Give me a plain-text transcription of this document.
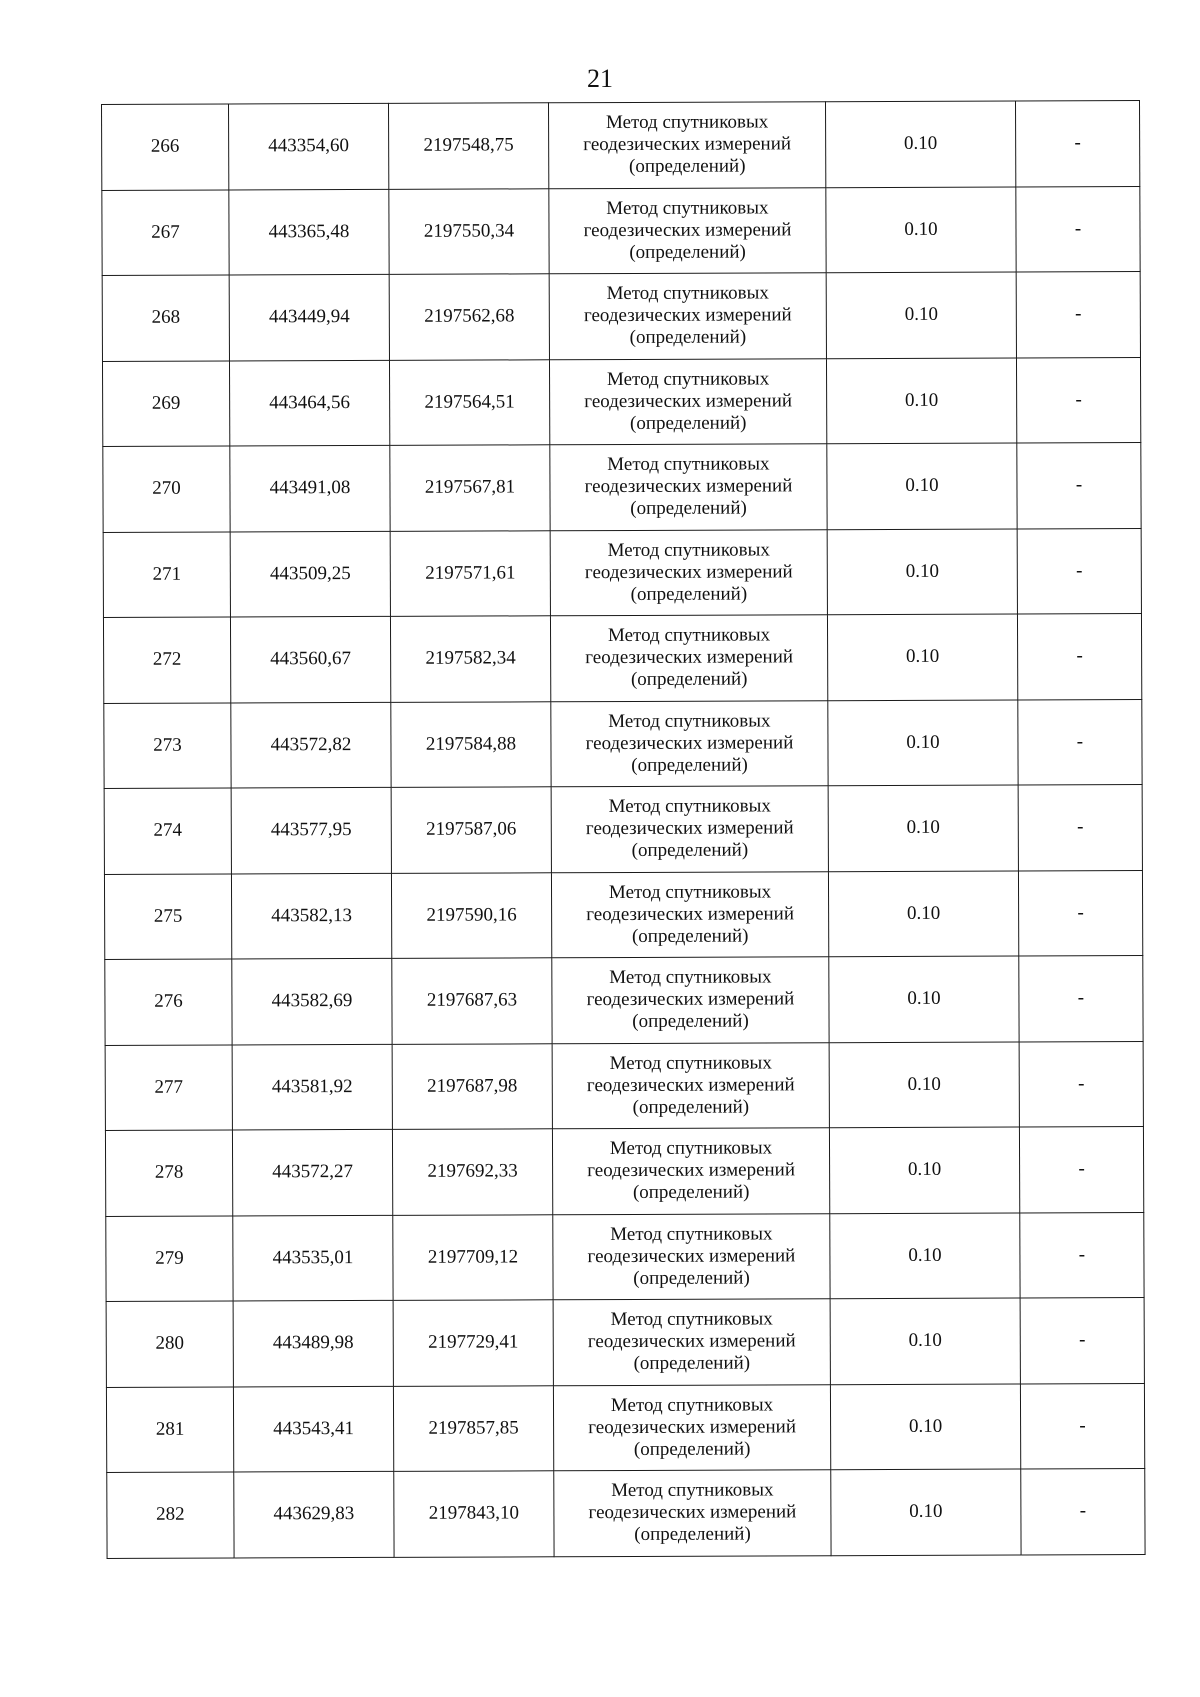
21
266	443354,60	2197548,75	Метод спутниковых
геодезических измерений
(определений)	0.10	-
267	443365,48	2197550,34	Метод спутниковых
геодезических измерений
(определений)	0.10	-
268	443449,94	2197562,68	Метод спутниковых
геодезических измерений
(определений)	0.10	-
269	443464,56	2197564,51	Метод спутниковых
геодезических измерений
(определений)	0.10	-
270	443491,08	2197567,81	Метод спутниковых
геодезических измерений
(определений)	0.10	-
271	443509,25	2197571,61	Метод спутниковых
геодезических измерений
(определений)	0.10	-
272	443560,67	2197582,34	Метод спутниковых
геодезических измерений
(определений)	0.10	-
273	443572,82	2197584,88	Метод спутниковых
геодезических измерений
(определений)	0.10	-
274	443577,95	2197587,06	Метод спутниковых
геодезических измерений
(определений)	0.10	-
275	443582,13	2197590,16	Метод спутниковых
геодезических измерений
(определений)	0.10	-
276	443582,69	2197687,63	Метод спутниковых
геодезических измерений
(определений)	0.10	-
277	443581,92	2197687,98	Метод спутниковых
геодезических измерений
(определений)	0.10	-
278	443572,27	2197692,33	Метод спутниковых
геодезических измерений
(определений)	0.10	-
279	443535,01	2197709,12	Метод спутниковых
геодезических измерений
(определений)	0.10	-
280	443489,98	2197729,41	Метод спутниковых
геодезических измерений
(определений)	0.10	-
281	443543,41	2197857,85	Метод спутниковых
геодезических измерений
(определений)	0.10	-
282	443629,83	2197843,10	Метод спутниковых
геодезических измерений
(определений)	0.10	-
